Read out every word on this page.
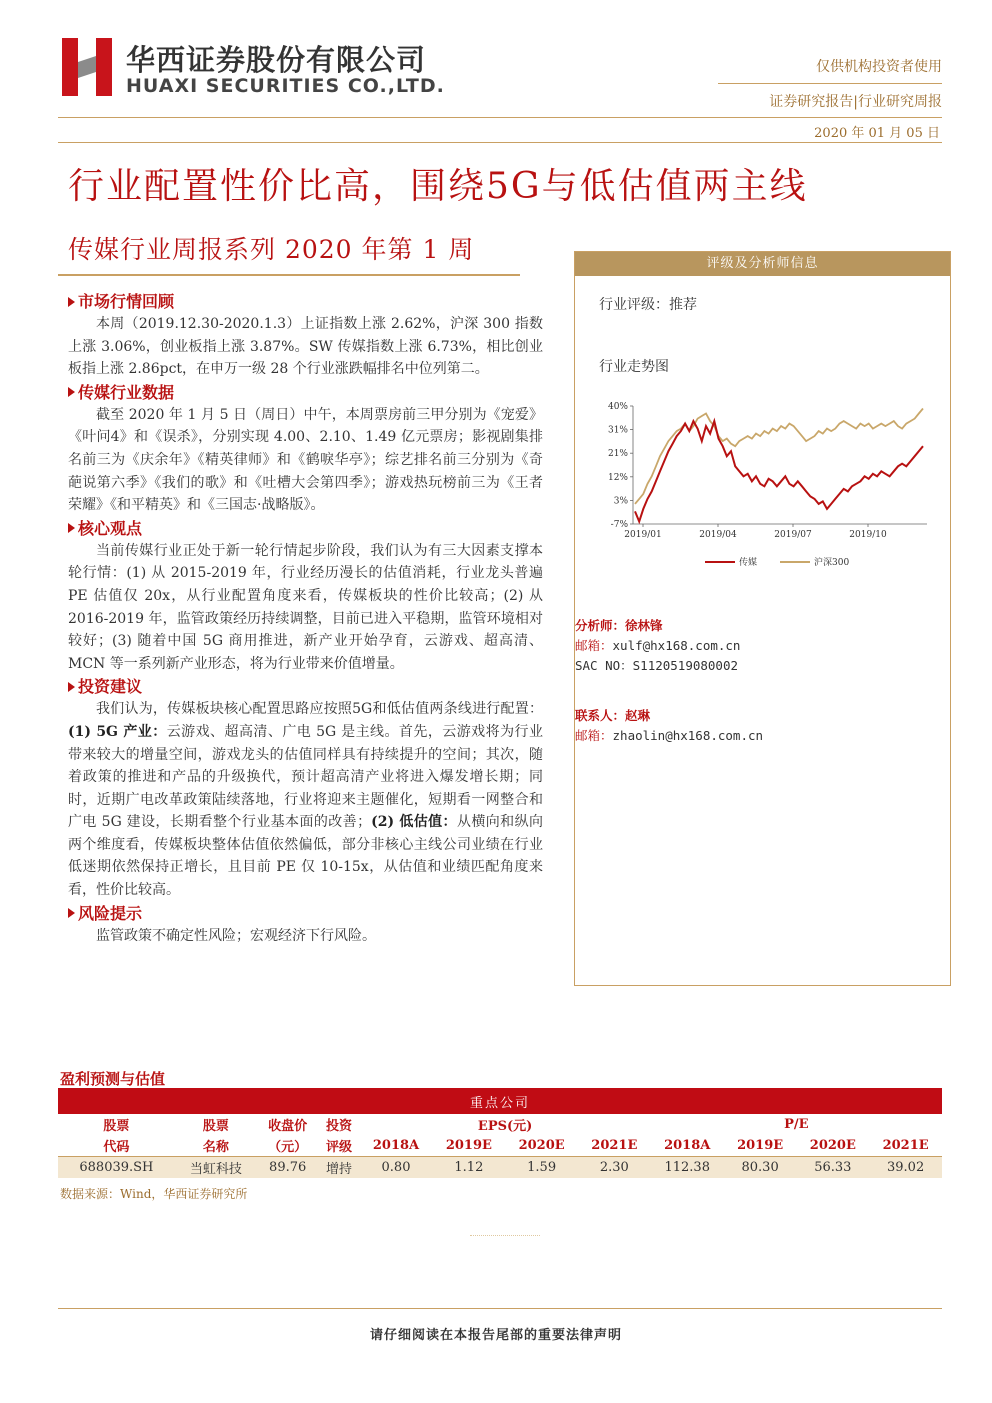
华西证券股份有限公司
HUAXI SECURITIES CO.,LTD.
仅供机构投资者使用
证券研究报告|行业研究周报
2020 年 01 月 05 日
行业配置性价比高，围绕5G与低估值两主线
传媒行业周报系列 2020 年第 1 周
市场行情回顾

本周（2019.12.30-2020.1.3）上证指数上涨 2.62%，沪深 300 指数上涨 3.06%，创业板指上涨 3.87%。SW 传媒指数上涨 6.73%，相比创业板指上涨 2.86pct，在申万一级 28 个行业涨跌幅排名中位列第二。

传媒行业数据

截至 2020 年 1 月 5 日（周日）中午，本周票房前三甲分别为《宠爱》《叶问4》和《误杀》，分别实现 4.00、2.10、1.49 亿元票房；影视剧集排名前三为《庆余年》《精英律师》和《鹤唳华亭》；综艺排名前三分别为《奇葩说第六季》《我们的歌》和《吐槽大会第四季》；游戏热玩榜前三为《王者荣耀》《和平精英》和《三国志·战略版》。

核心观点

当前传媒行业正处于新一轮行情起步阶段，我们认为有三大因素支撑本轮行情：(1) 从 2015-2019 年，行业经历漫长的估值消耗，行业龙头普遍 PE 估值仅 20x，从行业配置角度来看，传媒板块的性价比较高；(2) 从 2016-2019 年，监管政策经历持续调整，目前已进入平稳期，监管环境相对较好；(3) 随着中国 5G 商用推进，新产业开始孕育，云游戏、超高清、MCN 等一系列新产业形态，将为行业带来价值增量。

投资建议

我们认为，传媒板块核心配置思路应按照5G和低估值两条线进行配置：(1) 5G 产业：云游戏、超高清、广电 5G 是主线。首先，云游戏将为行业带来较大的增量空间，游戏龙头的估值同样具有持续提升的空间；其次，随着政策的推进和产品的升级换代，预计超高清产业将进入爆发增长期；同时，近期广电改革政策陆续落地，行业将迎来主题催化，短期看一网整合和广电 5G 建设，长期看整个行业基本面的改善；(2) 低估值：从横向和纵向两个维度看，传媒板块整体估值依然偏低，部分非核心主线公司业绩在行业低迷期依然保持正增长，且目前 PE 仅 10-15x，从估值和业绩匹配角度来看，性价比较高。

风险提示

监管政策不确定性风险；宏观经济下行风险。

评级及分析师信息
行业评级：推荐
行业走势图
40%
31%
21%
12%
3%
-7%
2019/01	2019/04	2019/07	2019/10
传媒	沪深300
分析师：徐林锋
邮箱：xulf@hx168.com.cn
SAC NO：S1120519080002
联系人：赵琳
邮箱：zhaolin@hx168.com.cn
盈利预测与估值
重点公司											
股票	股票	收盘价	投资	EPS(元)				P/E			
代码	名称	（元）	评级	2018A	2019E	2020E	2021E	2018A	2019E	2020E	2021E
688039.SH	当虹科技	89.76	增持	0.80	1.12	1.59	2.30	112.38	80.30	56.33	39.02
数据来源：Wind，华西证券研究所
请仔细阅读在本报告尾部的重要法律声明
